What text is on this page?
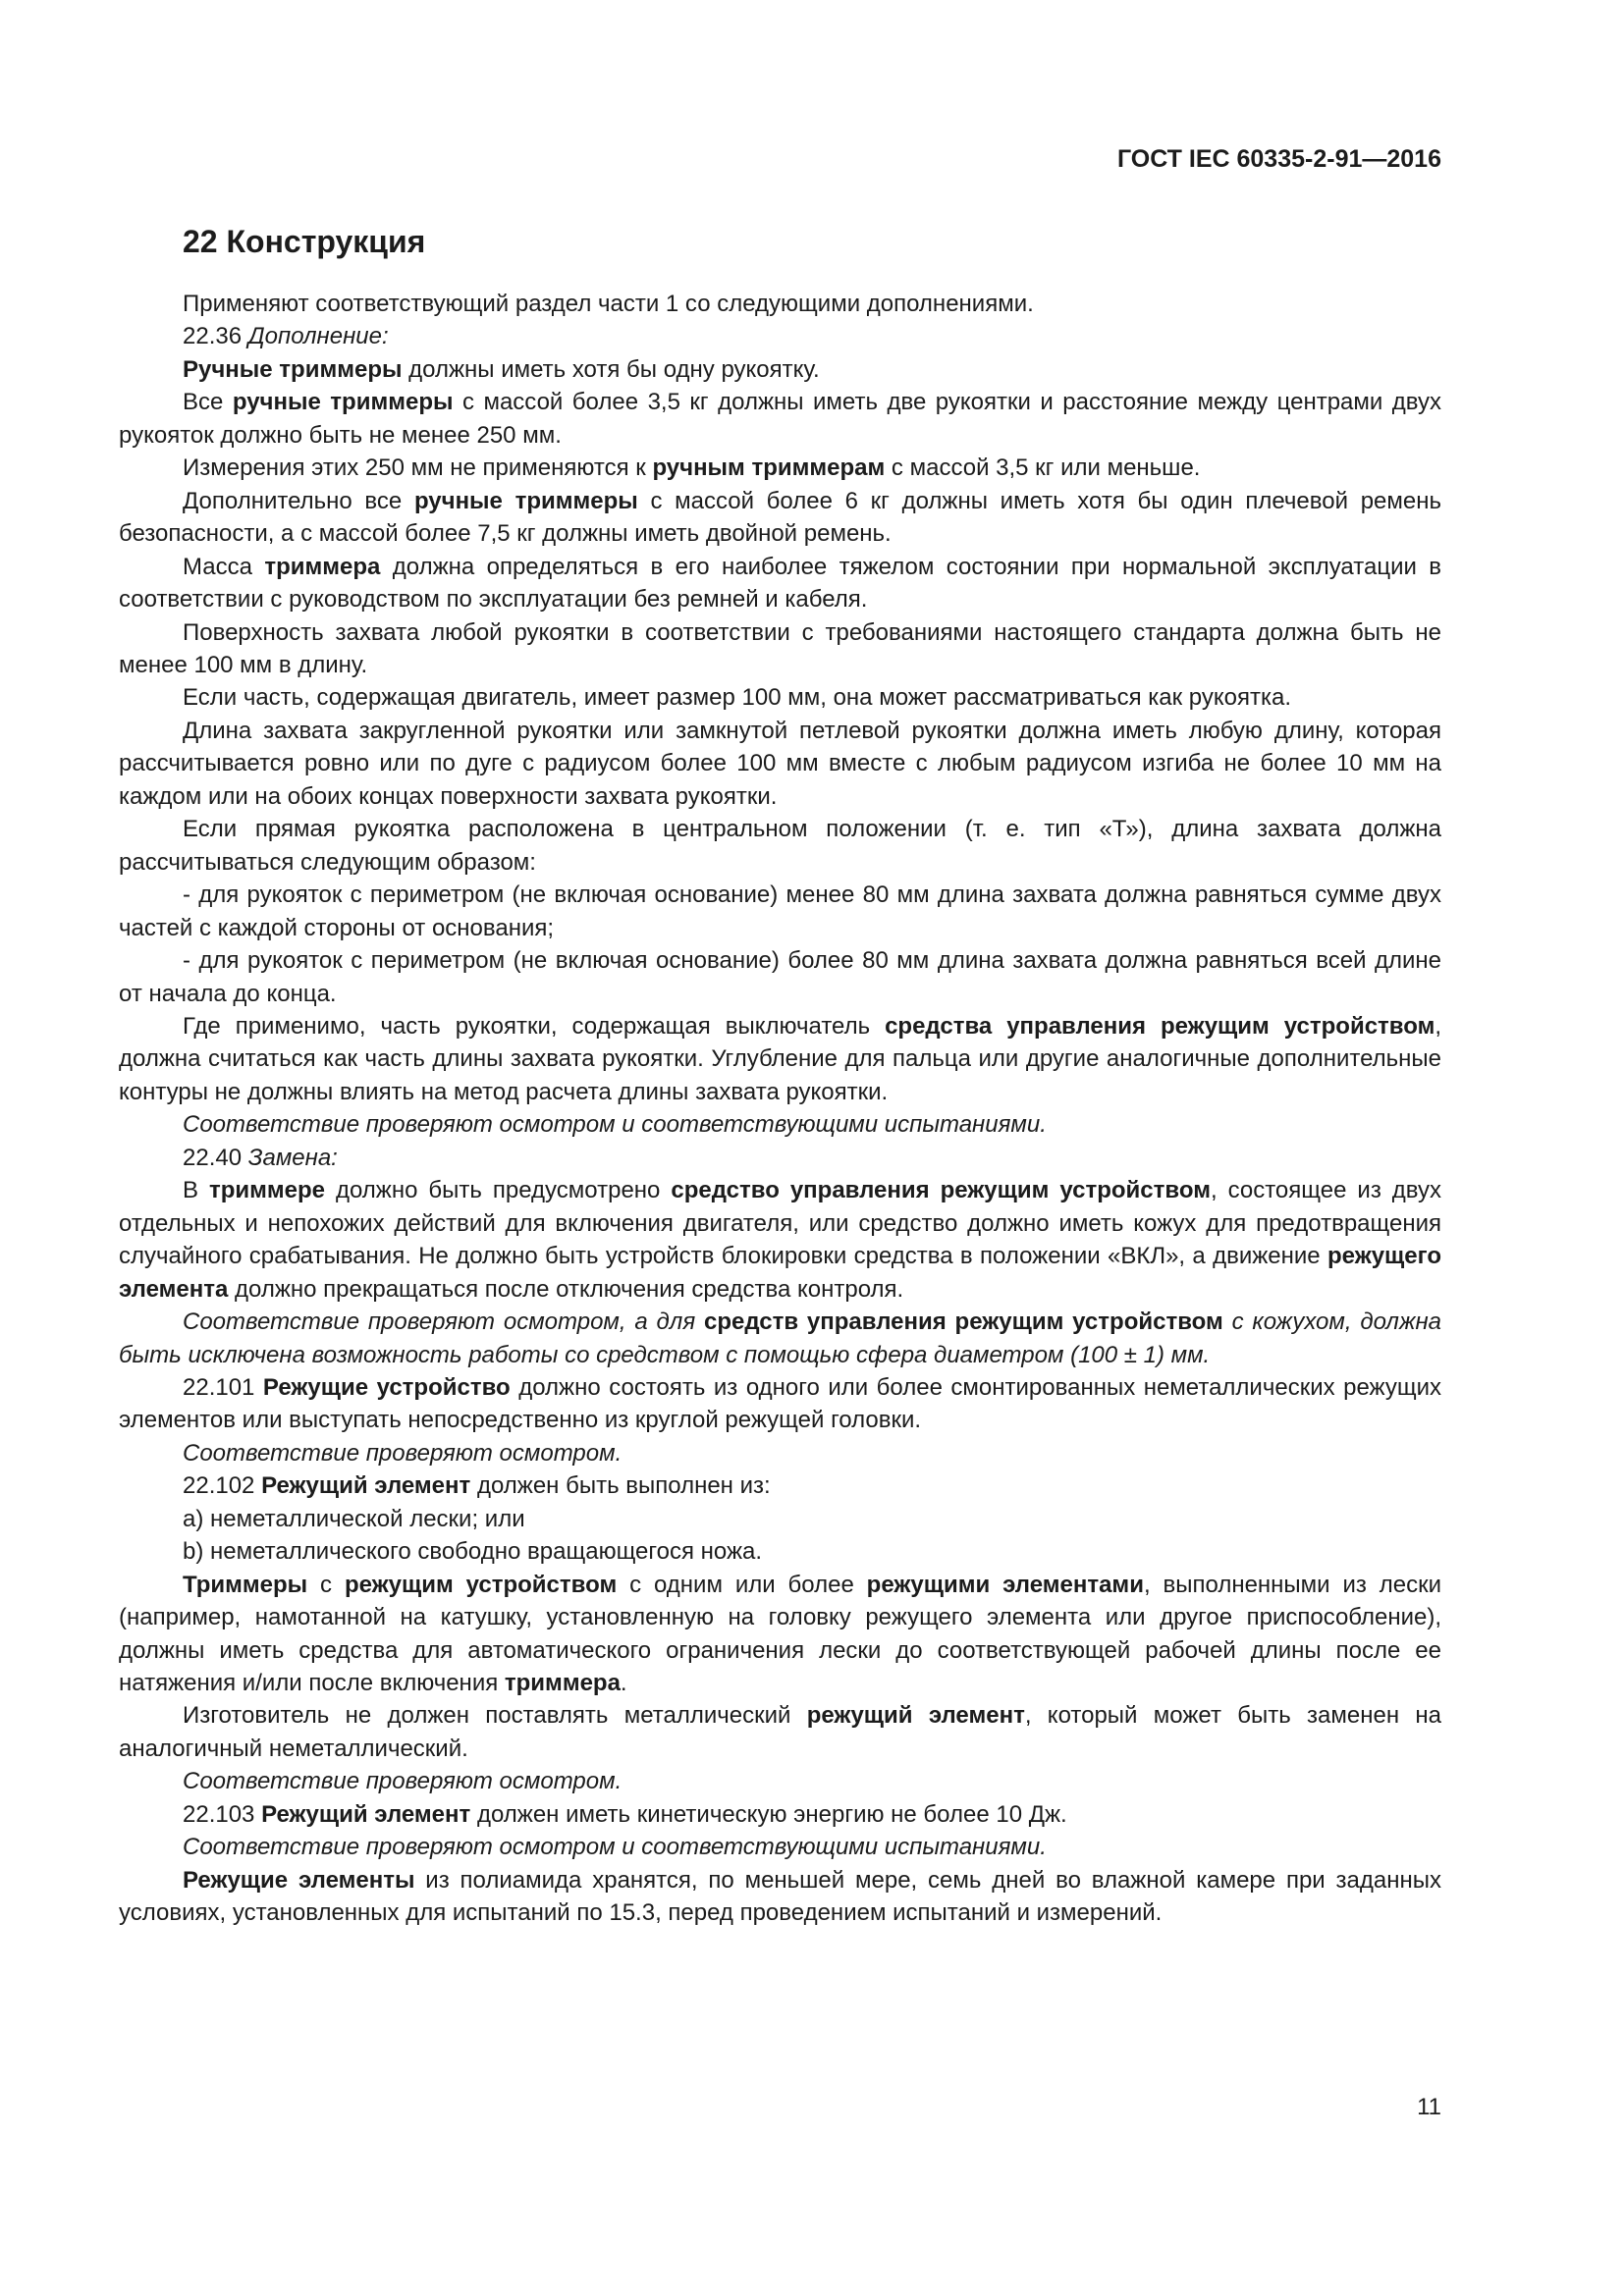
ГОСТ IEC 60335-2-91—2016

22 Конструкция

Применяют соответствующий раздел части 1 со следующими дополнениями.

22.36 Дополнение:

Ручные триммеры должны иметь хотя бы одну рукоятку.

Все ручные триммеры с массой более 3,5 кг должны иметь две рукоятки и расстояние между центрами двух рукояток должно быть не менее 250 мм.

Измерения этих 250 мм не применяются к ручным триммерам с массой 3,5 кг или меньше.

Дополнительно все ручные триммеры с массой более 6 кг должны иметь хотя бы один плечевой ремень безопасности, а с массой более 7,5 кг должны иметь двойной ремень.

Масса триммера должна определяться в его наиболее тяжелом состоянии при нормальной эксплуатации в соответствии с руководством по эксплуатации без ремней и кабеля.

Поверхность захвата любой рукоятки в соответствии с требованиями настоящего стандарта должна быть не менее 100 мм в длину.

Если часть, содержащая двигатель, имеет размер 100 мм, она может рассматриваться как рукоятка.

Длина захвата закругленной рукоятки или замкнутой петлевой рукоятки должна иметь любую длину, которая рассчитывается ровно или по дуге с радиусом более 100 мм вместе с любым радиусом изгиба не более 10 мм на каждом или на обоих концах поверхности захвата рукоятки.

Если прямая рукоятка расположена в центральном положении (т. е. тип «Т»), длина захвата должна рассчитываться следующим образом:

- для рукояток с периметром (не включая основание) менее 80 мм длина захвата должна равняться сумме двух частей с каждой стороны от основания;

- для рукояток с периметром (не включая основание) более 80 мм длина захвата должна равняться всей длине от начала до конца.

Где применимо, часть рукоятки, содержащая выключатель средства управления режущим устройством, должна считаться как часть длины захвата рукоятки. Углубление для пальца или другие аналогичные дополнительные контуры не должны влиять на метод расчета длины захвата рукоятки.

Соответствие проверяют осмотром и соответствующими испытаниями.

22.40 Замена:

В триммере должно быть предусмотрено средство управления режущим устройством, состоящее из двух отдельных и непохожих действий для включения двигателя, или средство должно иметь кожух для предотвращения случайного срабатывания. Не должно быть устройств блокировки средства в положении «ВКЛ», а движение режущего элемента должно прекращаться после отключения средства контроля.

Соответствие проверяют осмотром, а для средств управления режущим устройством с кожухом, должна быть исключена возможность работы со средством с помощью сфера диаметром (100 ± 1) мм.

22.101 Режущие устройство должно состоять из одного или более смонтированных неметаллических режущих элементов или выступать непосредственно из круглой режущей головки.

Соответствие проверяют осмотром.

22.102 Режущий элемент должен быть выполнен из:

a) неметаллической лески; или

b) неметаллического свободно вращающегося ножа.

Триммеры с режущим устройством с одним или более режущими элементами, выполненными из лески (например, намотанной на катушку, установленную на головку режущего элемента или другое приспособление), должны иметь средства для автоматического ограничения лески до соответствующей рабочей длины после ее натяжения и/или после включения триммера.

Изготовитель не должен поставлять металлический режущий элемент, который может быть заменен на аналогичный неметаллический.

Соответствие проверяют осмотром.

22.103 Режущий элемент должен иметь кинетическую энергию не более 10 Дж.

Соответствие проверяют осмотром и соответствующими испытаниями.

Режущие элементы из полиамида хранятся, по меньшей мере, семь дней во влажной камере при заданных условиях, установленных для испытаний по 15.3, перед проведением испытаний и измерений.

11
